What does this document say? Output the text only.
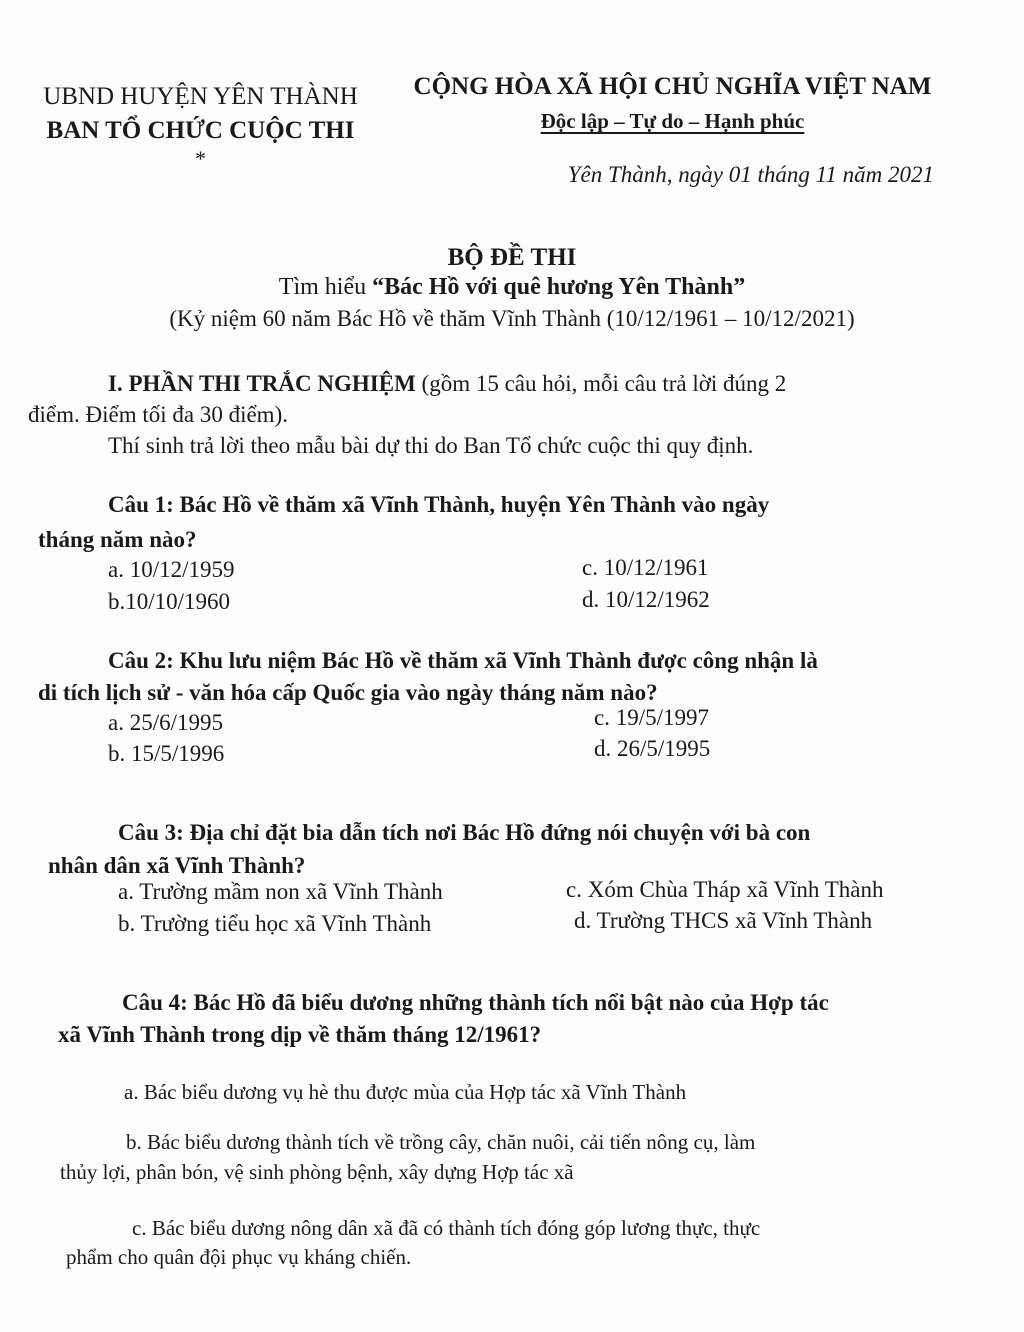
UBND HUYỆN YÊN THÀNH
BAN TỔ CHỨC CUỘC THI
*
CỘNG HÒA XÃ HỘI CHỦ NGHĨA VIỆT NAM
Độc lập – Tự do – Hạnh phúc
Yên Thành, ngày 01 tháng 11 năm 2021
BỘ ĐỀ THI
Tìm hiểu “Bác Hồ với quê hương Yên Thành”
(Kỷ niệm 60 năm Bác Hồ về thăm Vĩnh Thành (10/12/1961 – 10/12/2021)
I. PHẦN THI TRẮC NGHIỆM (gồm 15 câu hỏi, mỗi câu trả lời đúng 2
điểm. Điểm tối đa 30 điểm).
Thí sinh trả lời theo mẫu bài dự thi do Ban Tổ chức cuộc thi quy định.
Câu 1: Bác Hồ về thăm xã Vĩnh Thành, huyện Yên Thành vào ngày
tháng năm nào?
a. 10/12/1959
b.10/10/1960
c. 10/12/1961
d. 10/12/1962
Câu 2: Khu lưu niệm Bác Hồ về thăm xã Vĩnh Thành được công nhận là
di tích lịch sử - văn hóa cấp Quốc gia vào ngày tháng năm nào?
a. 25/6/1995
b. 15/5/1996
c. 19/5/1997
d. 26/5/1995
Câu 3: Địa chỉ đặt bia dẫn tích nơi Bác Hồ đứng nói chuyện với bà con
nhân dân xã Vĩnh Thành?
a. Trường mầm non xã Vĩnh Thành
b. Trường tiểu học xã Vĩnh Thành
c. Xóm Chùa Tháp xã Vĩnh Thành
d. Trường THCS xã Vĩnh Thành
Câu 4: Bác Hồ đã biểu dương những thành tích nổi bật nào của Hợp tác
xã Vĩnh Thành trong dịp về thăm tháng 12/1961?
a. Bác biểu dương vụ hè thu được mùa của Hợp tác xã Vĩnh Thành
b. Bác biểu dương thành tích về trồng cây, chăn nuôi, cải tiến nông cụ, làm
thủy lợi, phân bón, vệ sinh phòng bệnh, xây dựng Hợp tác xã
c. Bác biểu dương nông dân xã đã có thành tích đóng góp lương thực, thực
phẩm cho quân đội phục vụ kháng chiến.
